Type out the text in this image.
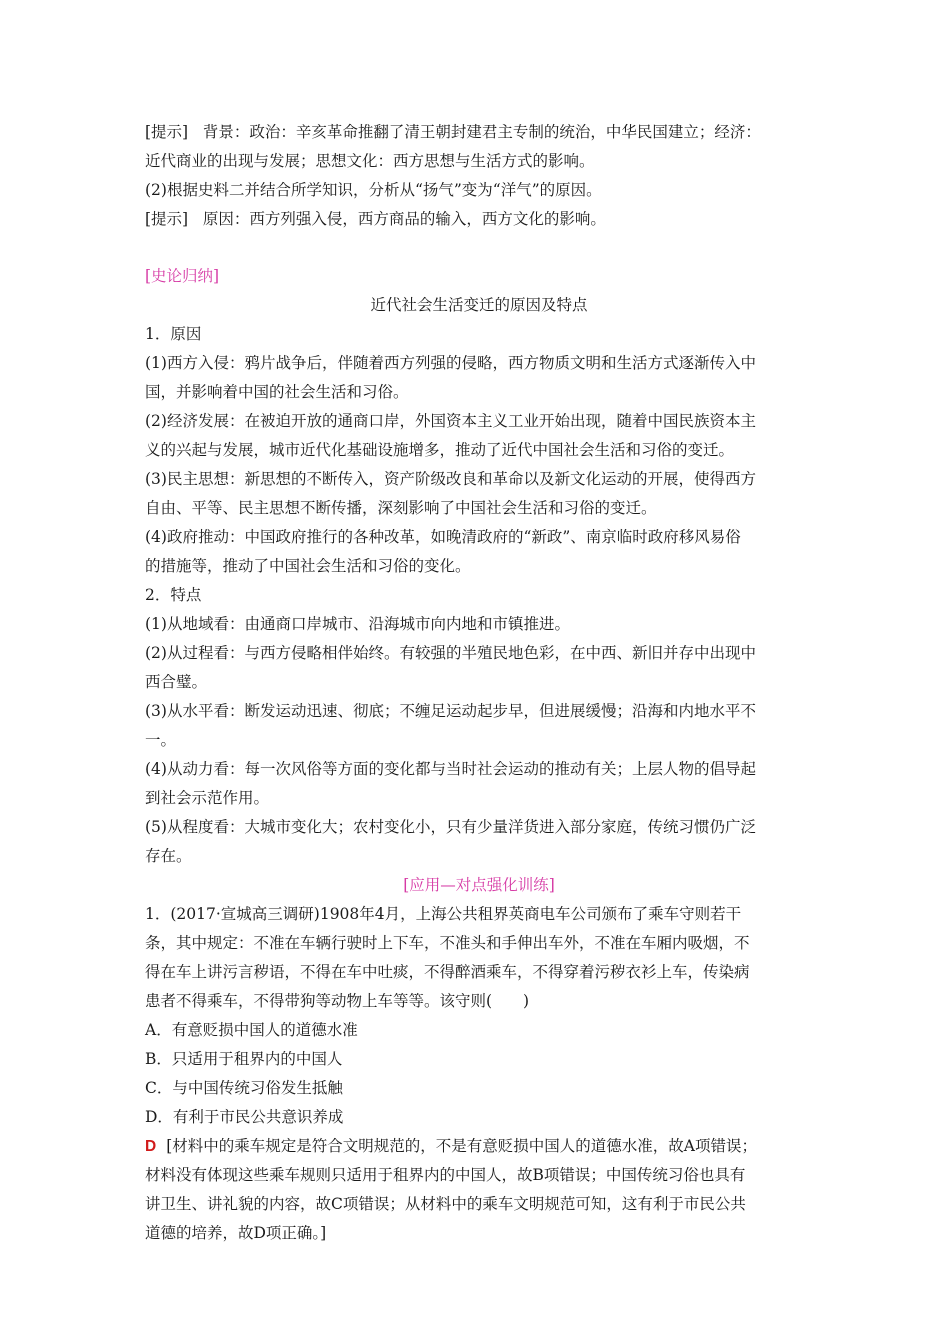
[提示] 背景：政治：辛亥革命推翻了清王朝封建君主专制的统治，中华民国建立；经济：

近代商业的出现与发展；思想文化：西方思想与生活方式的影响。

(2)根据史料二并结合所学知识，分析从“扬气”变为“洋气”的原因。

[提示] 原因：西方列强入侵，西方商品的输入，西方文化的影响。

[史论归纳]

近代社会生活变迁的原因及特点

1．原因

(1)西方入侵：鸦片战争后，伴随着西方列强的侵略，西方物质文明和生活方式逐渐传入中

国，并影响着中国的社会生活和习俗。

(2)经济发展：在被迫开放的通商口岸，外国资本主义工业开始出现，随着中国民族资本主

义的兴起与发展，城市近代化基础设施增多，推动了近代中国社会生活和习俗的变迁。

(3)民主思想：新思想的不断传入，资产阶级改良和革命以及新文化运动的开展，使得西方

自由、平等、民主思想不断传播，深刻影响了中国社会生活和习俗的变迁。

(4)政府推动：中国政府推行的各种改革，如晚清政府的“新政”、南京临时政府移风易俗

的措施等，推动了中国社会生活和习俗的变化。

2．特点

(1)从地域看：由通商口岸城市、沿海城市向内地和市镇推进。

(2)从过程看：与西方侵略相伴始终。有较强的半殖民地色彩，在中西、新旧并存中出现中

西合璧。

(3)从水平看：断发运动迅速、彻底；不缠足运动起步早，但进展缓慢；沿海和内地水平不

一。

(4)从动力看：每一次风俗等方面的变化都与当时社会运动的推动有关；上层人物的倡导起

到社会示范作用。

(5)从程度看：大城市变化大；农村变化小，只有少量洋货进入部分家庭，传统习惯仍广泛

存在。

[应用—对点强化训练]

1．(2017·宣城高三调研)1908年4月，上海公共租界英商电车公司颁布了乘车守则若干

条，其中规定：不准在车辆行驶时上下车，不准头和手伸出车外，不准在车厢内吸烟，不

得在车上讲污言秽语，不得在车中吐痰，不得醉酒乘车，不得穿着污秽衣衫上车，传染病

患者不得乘车，不得带狗等动物上车等等。该守则(　　)

A．有意贬损中国人的道德水准

B．只适用于租界内的中国人

C．与中国传统习俗发生抵触

D．有利于市民公共意识养成

D [材料中的乘车规定是符合文明规范的，不是有意贬损中国人的道德水准，故A项错误；

材料没有体现这些乘车规则只适用于租界内的中国人，故B项错误；中国传统习俗也具有

讲卫生、讲礼貌的内容，故C项错误；从材料中的乘车文明规范可知，这有利于市民公共

道德的培养，故D项正确。]
